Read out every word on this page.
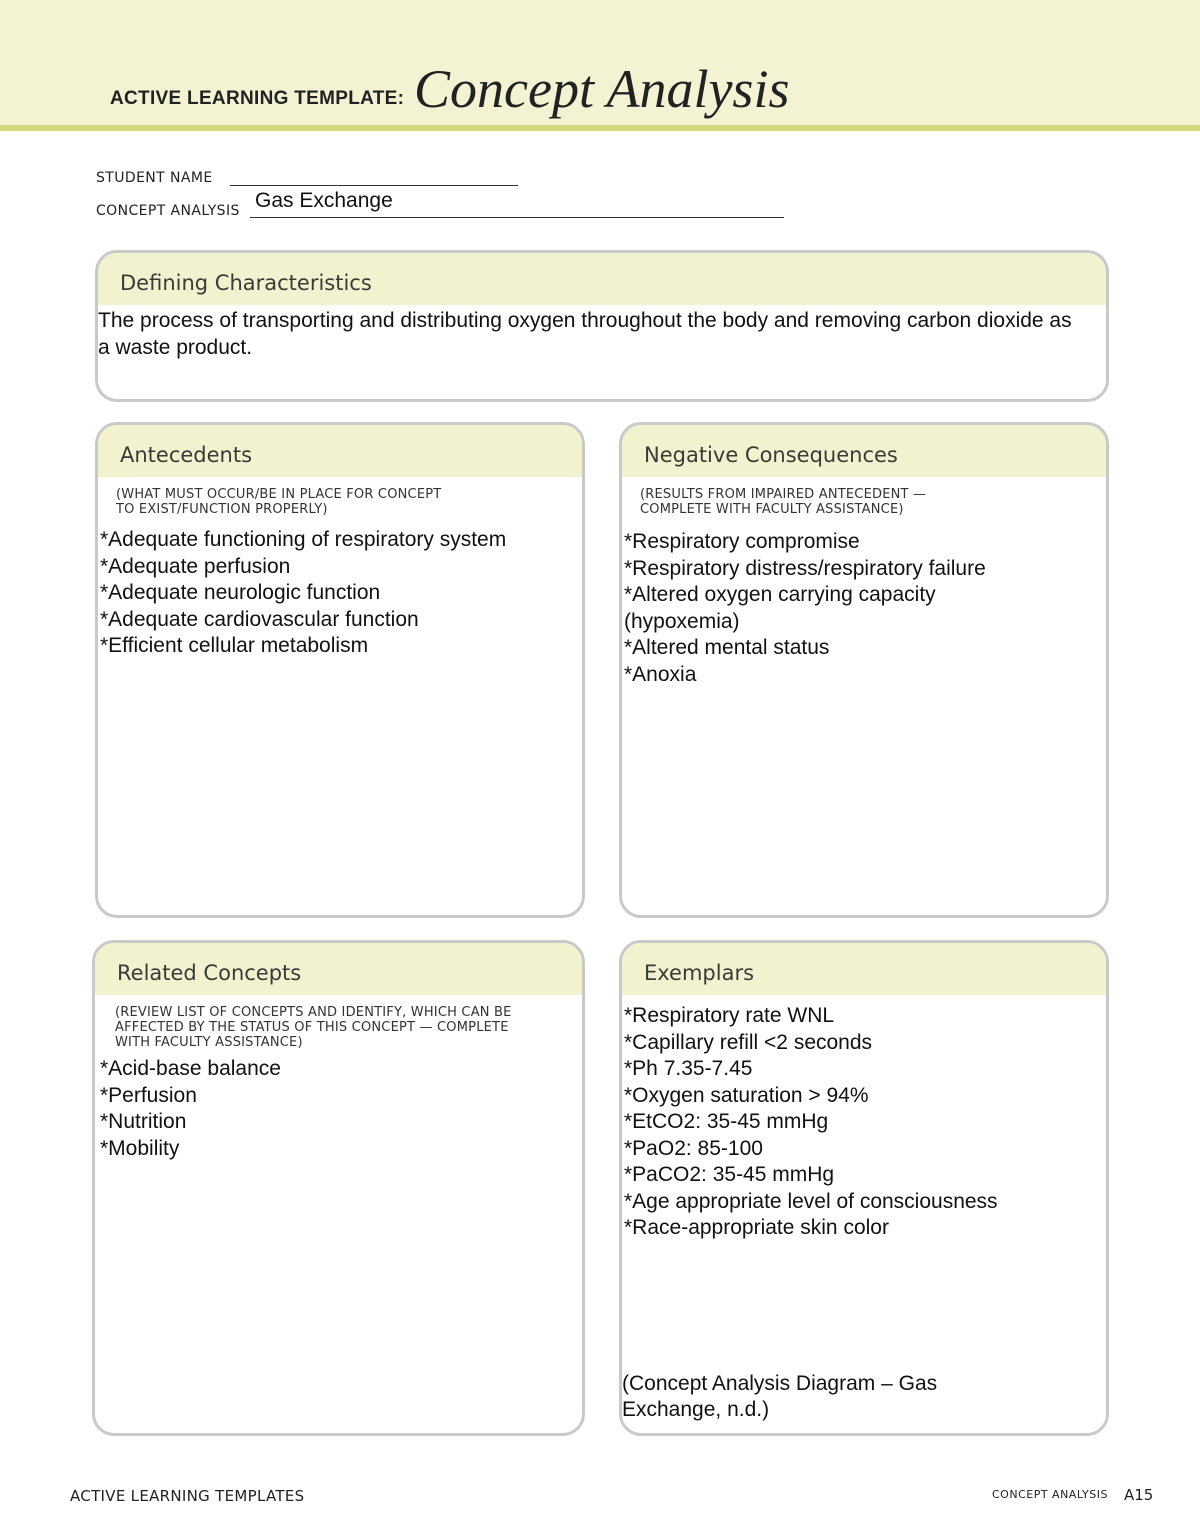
ACTIVE LEARNING TEMPLATE: Concept Analysis
STUDENT NAME
CONCEPT ANALYSIS Gas Exchange
Defining Characteristics
The process of transporting and distributing oxygen throughout the body and removing carbon dioxide as a waste product.
Antecedents
(WHAT MUST OCCUR/BE IN PLACE FOR CONCEPT TO EXIST/FUNCTION PROPERLY)
*Adequate functioning of respiratory system
*Adequate perfusion
*Adequate neurologic function
*Adequate cardiovascular function
*Efficient cellular metabolism
Negative Consequences
(RESULTS FROM IMPAIRED ANTECEDENT — COMPLETE WITH FACULTY ASSISTANCE)
*Respiratory compromise
*Respiratory distress/respiratory failure
*Altered oxygen carrying capacity
(hypoxemia)
*Altered mental status
*Anoxia
Related Concepts
(REVIEW LIST OF CONCEPTS AND IDENTIFY, WHICH CAN BE AFFECTED BY THE STATUS OF THIS CONCEPT — COMPLETE WITH FACULTY ASSISTANCE)
*Acid-base balance
*Perfusion
*Nutrition
*Mobility
Exemplars
*Respiratory rate WNL
*Capillary refill <2 seconds
*Ph 7.35-7.45
*Oxygen saturation > 94%
*EtCO2: 35-45 mmHg
*PaO2: 85-100
*PaCO2: 35-45 mmHg
*Age appropriate level of consciousness
*Race-appropriate skin color
(Concept Analysis Diagram – Gas Exchange, n.d.)
ACTIVE LEARNING TEMPLATES	CONCEPT ANALYSIS A15
